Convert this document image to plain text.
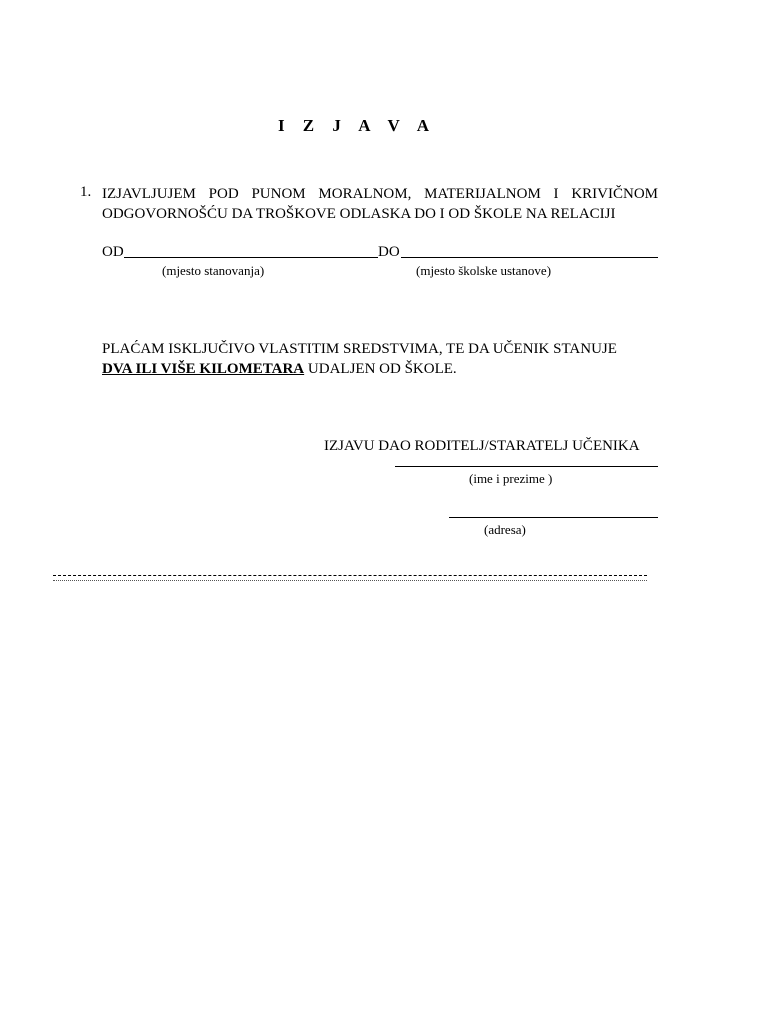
I Z J A V A
1. IZJAVLJUJEM POD PUNOM MORALNOM, MATERIJALNOM I KRIVIČNOM
ODGOVORNOŠĆU DA TROŠKOVE ODLASKA DO I OD ŠKOLE NA RELACIJI
OD	DO
(mjesto stanovanja)	(mjesto školske ustanove)
PLAĆAM ISKLJUČIVO VLASTITIM SREDSTVIMA, TE DA UČENIK STANUJE
DVA ILI VIŠE KILOMETARA UDALJEN OD ŠKOLE.
IZJAVU DAO RODITELJ/STARATELJ UČENIKA
(ime i prezime )
(adresa)
